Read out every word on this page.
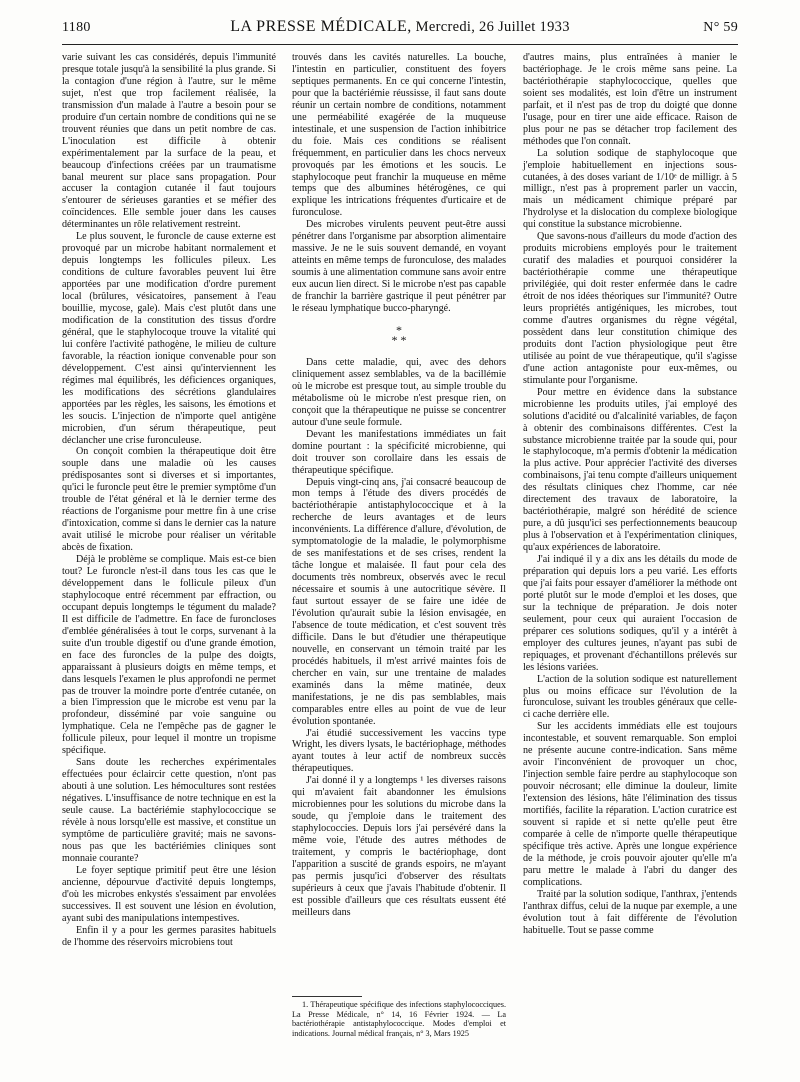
1180	LA PRESSE MÉDICALE, Mercredi, 26 Juillet 1933	N° 59

varie suivant les cas considérés, depuis l'immunité presque totale jusqu'à la sensibilité la plus grande. Si la contagion d'une région à l'autre, sur le même sujet, n'est que trop facilement réalisée, la transmission d'un malade à l'autre a besoin pour se produire d'un certain nombre de conditions qui ne se trouvent réunies que dans un petit nombre de cas. L'inoculation est difficile à obtenir expérimentalement par la surface de la peau, et beaucoup d'infections créées par un traumatisme banal meurent sur place sans propagation. Pour accuser la contagion cutanée il faut toujours s'entourer de sérieuses garanties et se méfier des coïncidences. Elle semble jouer dans les causes déterminantes un rôle relativement restreint.

Le plus souvent, le furoncle de cause externe est provoqué par un microbe habitant normalement et depuis longtemps les follicules pileux. Les conditions de culture favorables peuvent lui être apportées par une modification d'ordre purement local (brûlures, vésicatoires, pansement à l'eau bouillie, mycose, gale). Mais c'est plutôt dans une modification de la constitution des tissus d'ordre général, que le staphylocoque trouve la vitalité qui lui confère l'activité pathogène, le milieu de culture favorable, la réaction ionique convenable pour son développement. C'est ainsi qu'interviennent les régimes mal équilibrés, les déficiences organiques, les modifications des sécrétions glandulaires apportées par les règles, les saisons, les émotions et les soucis. L'injection de n'importe quel antigène microbien, d'un sérum thérapeutique, peut déclancher une crise furonculeuse.

On conçoit combien la thérapeutique doit être souple dans une maladie où les causes prédisposantes sont si diverses et si importantes, qu'ici le furoncle peut être le premier symptôme d'un trouble de l'état général et là le dernier terme des réactions de l'organisme pour mettre fin à une crise d'intoxication, comme si dans le dernier cas la nature avait utilisé le microbe pour réaliser un véritable abcès de fixation.

Déjà le problème se complique. Mais est-ce bien tout? Le furoncle n'est-il dans tous les cas que le développement dans le follicule pileux d'un staphylocoque entré récemment par effraction, ou occupant depuis longtemps le tégument du malade? Il est difficile de l'admettre. En face de furoncloses d'emblée généralisées à tout le corps, survenant à la suite d'un trouble digestif ou d'une grande émotion, en face des furoncles de la pulpe des doigts, apparaissant à plusieurs doigts en même temps, et dans lesquels l'examen le plus approfondi ne permet pas de trouver la moindre porte d'entrée cutanée, on a bien l'impression que le microbe est venu par la profondeur, disséminé par voie sanguine ou lymphatique. Cela ne l'empêche pas de gagner le follicule pileux, pour lequel il montre un tropisme spécifique.

Sans doute les recherches expérimentales effectuées pour éclaircir cette question, n'ont pas abouti à une solution. Les hémocultures sont restées négatives. L'insuffisance de notre technique en est la seule cause. La bactériémie staphylococcique se révèle à nous lorsqu'elle est massive, et constitue un symptôme de particulière gravité; mais ne savons-nous pas que les bactériémies cliniques sont monnaie courante?

Le foyer septique primitif peut être une lésion ancienne, dépourvue d'activité depuis longtemps, d'où les microbes enkystés s'essaiment par envolées successives. Il est souvent une lésion en évolution, ayant subi des manipulations intempestives.

Enfin il y a pour les germes parasites habituels de l'homme des réservoirs microbiens tout

trouvés dans les cavités naturelles. La bouche, l'intestin en particulier, constituent des foyers septiques permanents. En ce qui concerne l'intestin, pour que la bactériémie réussisse, il faut sans doute réunir un certain nombre de conditions, notamment une perméabilité exagérée de la muqueuse intestinale, et une suspension de l'action inhibitrice du foie. Mais ces conditions se réalisent fréquemment, en particulier dans les chocs nerveux provoqués par les émotions et les soucis. Le staphylocoque peut franchir la muqueuse en même temps que des albumines hétérogènes, ce qui explique les intrications fréquentes d'urticaire et de furonculose.

Des microbes virulents peuvent peut-être aussi pénétrer dans l'organisme par absorption alimentaire massive. Je ne le suis souvent demandé, en voyant atteints en même temps de furonculose, des malades soumis à une alimentation commune sans avoir entre eux aucun lien direct. Si le microbe n'est pas capable de franchir la barrière gastrique il peut pénétrer par le réseau lymphatique bucco-pharyngé.

*
* *

Dans cette maladie, qui, avec des dehors cliniquement assez semblables, va de la bacillémie où le microbe est presque tout, au simple trouble du métabolisme où le microbe n'est presque rien, on conçoit que la thérapeutique ne puisse se concentrer autour d'une seule formule.

Devant les manifestations immédiates un fait domine pourtant : la spécificité microbienne, qui doit trouver son corollaire dans les essais de thérapeutique spécifique.

Depuis vingt-cinq ans, j'ai consacré beaucoup de mon temps à l'étude des divers procédés de bactériothérapie antistaphylococcique et à la recherche de leurs avantages et de leurs inconvénients. La différence d'allure, d'évolution, de symptomatologie de la maladie, le polymorphisme de ses manifestations et de ses crises, rendent la tâche longue et malaisée. Il faut pour cela des documents très nombreux, observés avec le recul nécessaire et soumis à une autocritique sévère. Il faut surtout essayer de se faire une idée de l'évolution qu'aurait subie la lésion envisagée, en l'absence de toute médication, et c'est souvent très difficile. Dans le but d'étudier une thérapeutique nouvelle, en conservant un témoin traité par les procédés habituels, il m'est arrivé maintes fois de chercher en vain, sur une trentaine de malades examinés dans la même matinée, deux manifestations, je ne dis pas semblables, mais comparables entre elles au point de vue de leur évolution spontanée.

J'ai étudié successivement les vaccins type Wright, les divers lysats, le bactériophage, méthodes ayant toutes à leur actif de nombreux succès thérapeutiques.

J'ai donné il y a longtemps ¹ les diverses raisons qui m'avaient fait abandonner les émulsions microbiennes pour les solutions du microbe dans la soude, qu j'emploie dans le traitement des staphylococcies. Depuis lors j'ai persévéré dans la même voie, l'étude des autres méthodes de traitement, y compris le bactériophage, dont l'apparition a suscité de grands espoirs, ne m'ayant pas permis jusqu'ici d'observer des résultats supérieurs à ceux que j'avais l'habitude d'obtenir. Il est possible d'ailleurs que ces résultats eussent été meilleurs dans

1. Thérapeutique spécifique des infections staphylococciques. La Presse Médicale, n° 14, 16 Février 1924. — La bactériothérapie antistaphylococcique. Modes d'emploi et indications. Journal médical français, n° 3, Mars 1925

d'autres mains, plus entraînées à manier le bactériophage. Je le crois même sans peine. La bactériothérapie staphylococcique, quelles que soient ses modalités, est loin d'être un instrument parfait, et il n'est pas de trop du doigté que donne l'usage, pour en tirer une aide efficace. Raison de plus pour ne pas se détacher trop facilement des méthodes que l'on connaît.

La solution sodique de staphylocoque que j'emploie habituellement en injections sous-cutanées, à des doses variant de 1/10ᵉ de milligr. à 5 milligr., n'est pas à proprement parler un vaccin, mais un médicament chimique préparé par l'hydrolyse et la dislocation du complexe biologique qui constitue la substance microbienne.

Que savons-nous d'ailleurs du mode d'action des produits microbiens employés pour le traitement curatif des maladies et pourquoi considérer la bactériothérapie comme une thérapeutique privilégiée, qui doit rester enfermée dans le cadre étroit de nos idées théoriques sur l'immunité? Outre leurs propriétés antigéniques, les microbes, tout comme d'autres organismes du règne végétal, possèdent dans leur constitution chimique des produits dont l'action physiologique peut être utilisée au point de vue thérapeutique, qu'il s'agisse d'une action antagoniste pour eux-mêmes, ou stimulante pour l'organisme.

Pour mettre en évidence dans la substance microbienne les produits utiles, j'ai employé des solutions d'acidité ou d'alcalinité variables, de façon à obtenir des combinaisons différentes. C'est la substance microbienne traitée par la soude qui, pour le staphylocoque, m'a permis d'obtenir la médication la plus active. Pour apprécier l'activité des diverses combinaisons, j'ai tenu compte d'ailleurs uniquement des résultats cliniques chez l'homme, car née directement des travaux de laboratoire, la bactériothérapie, malgré son hérédité de science pure, a dû jusqu'ici ses perfectionnements beaucoup plus à l'observation et à l'expérimentation cliniques, qu'aux expériences de laboratoire.

J'ai indiqué il y a dix ans les détails du mode de préparation qui depuis lors a peu varié. Les efforts que j'ai faits pour essayer d'améliorer la méthode ont porté plutôt sur le mode d'emploi et les doses, que sur la technique de préparation. Je dois noter seulement, pour ceux qui auraient l'occasion de préparer ces solutions sodiques, qu'il y a intérêt à employer des cultures jeunes, n'ayant pas subi de repiquages, et provenant d'échantillons prélevés sur les lésions variées.

L'action de la solution sodique est naturellement plus ou moins efficace sur l'évolution de la furonculose, suivant les troubles généraux que celle-ci cache derrière elle.

Sur les accidents immédiats elle est toujours incontestable, et souvent remarquable. Son emploi ne présente aucune contre-indication. Sans même avoir l'inconvénient de provoquer un choc, l'injection semble faire perdre au staphylocoque son pouvoir nécrosant; elle diminue la douleur, limite l'extension des lésions, hâte l'élimination des tissus mortifiés, facilite la réparation. L'action curatrice est souvent si rapide et si nette qu'elle peut être comparée à celle de n'importe quelle thérapeutique spécifique très active. Après une longue expérience de la méthode, je crois pouvoir ajouter qu'elle m'a paru mettre le malade à l'abri du danger des complications.

Traité par la solution sodique, l'anthrax, j'entends l'anthrax diffus, celui de la nuque par exemple, a une évolution tout à fait différente de l'évolution habituelle. Tout se passe comme
